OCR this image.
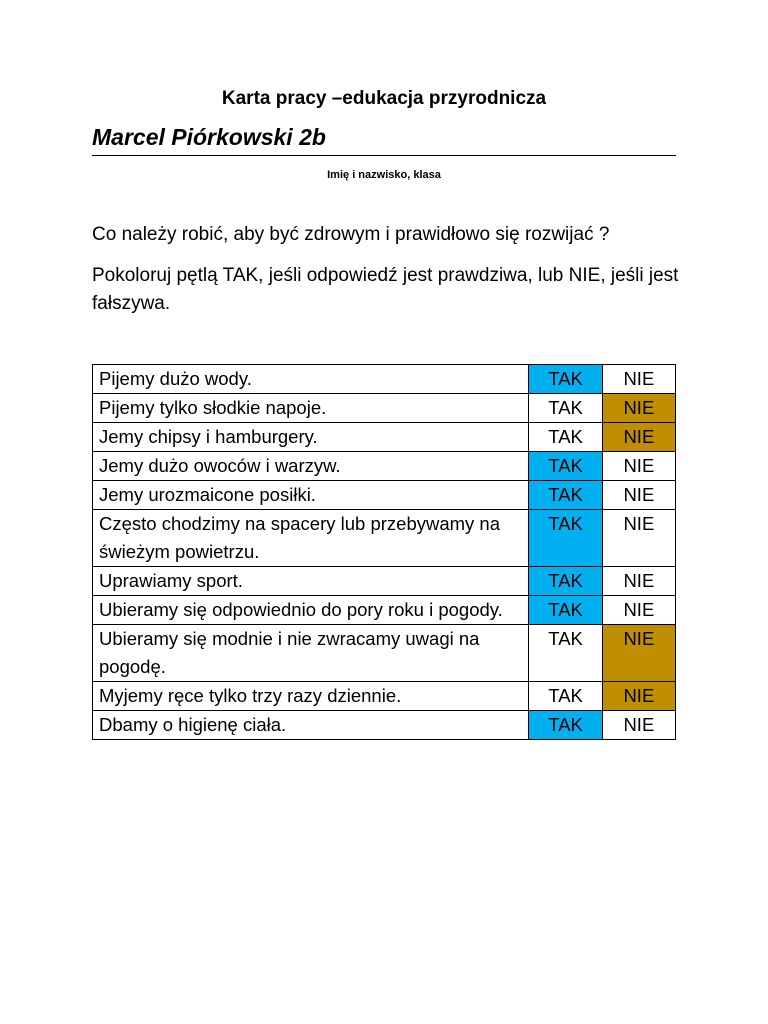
Karta pracy –edukacja przyrodnicza
Marcel Piórkowski 2b
Imię i nazwisko, klasa
Co należy robić, aby być zdrowym i prawidłowo się rozwijać ?
Pokoloruj pętlą TAK, jeśli odpowiedź jest prawdziwa, lub NIE, jeśli jest fałszywa.
Pijemy dużo wody.	TAK	NIE
Pijemy tylko słodkie napoje.	TAK	NIE
Jemy chipsy i hamburgery.	TAK	NIE
Jemy dużo owoców i warzyw.	TAK	NIE
Jemy urozmaicone posiłki.	TAK	NIE
Często chodzimy na spacery lub przebywamy na świeżym powietrzu.	TAK	NIE
Uprawiamy sport.	TAK	NIE
Ubieramy się odpowiednio do pory roku i pogody.	TAK	NIE
Ubieramy się modnie i nie zwracamy uwagi na pogodę.	TAK	NIE
Myjemy ręce tylko trzy razy dziennie.	TAK	NIE
Dbamy o higienę ciała.	TAK	NIE
